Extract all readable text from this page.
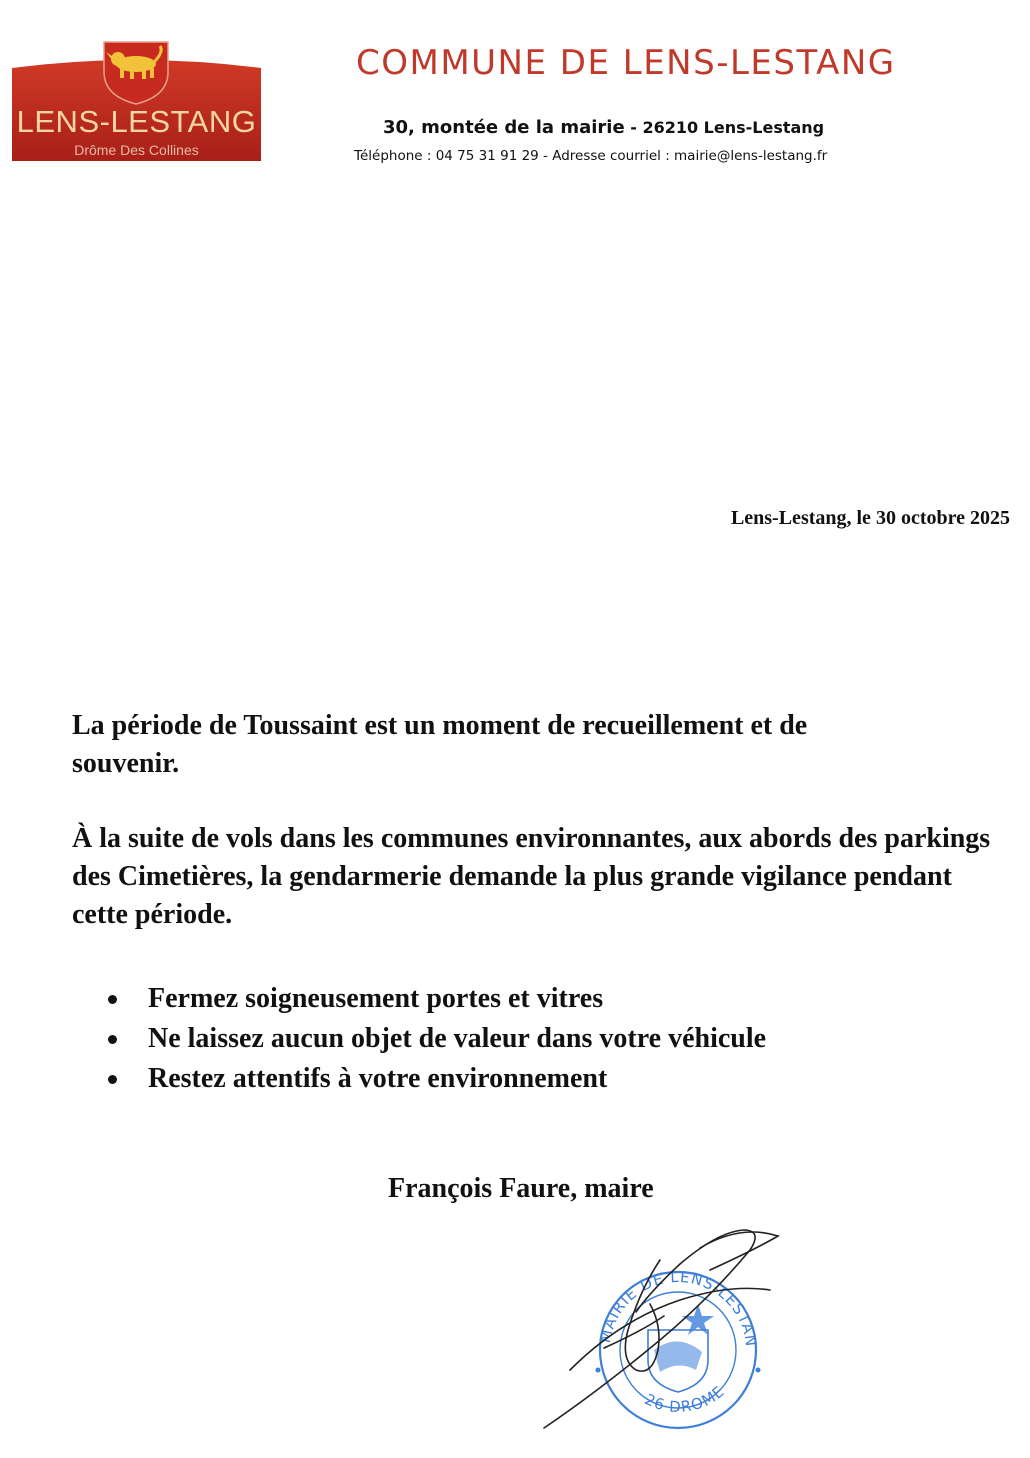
LENS-LESTANG
Drôme Des Collines
COMMUNE DE LENS-LESTANG
30, montée de la mairie - 26210 Lens-Lestang
Téléphone : 04 75 31 91 29 - Adresse courriel : mairie@lens-lestang.fr
Lens-Lestang, le 30 octobre 2025

La période de Toussaint est un moment de recueillement et de souvenir.

À la suite de vols dans les communes environnantes, aux abords des parkings des Cimetières, la gendarmerie demande la plus grande vigilance pendant cette période.

Fermez soigneusement portes et vitres
Ne laissez aucun objet de valeur dans votre véhicule
Restez attentifs à votre environnement
François Faure, maire
MAIRIE DE LENS-LESTAN
26 DROME
